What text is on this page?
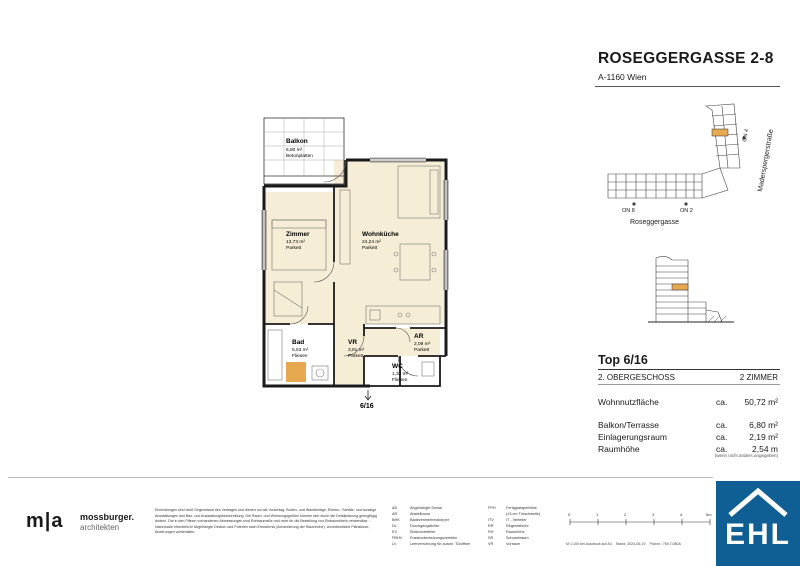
ROSEGGERGASSE 2-8
A-1160 Wien
ON 8	ON 2
ON 4
Roseggergasse
Maderspergerstraße
Top 6/16
2. OBERGESCHOSS	2 ZIMMER
Wohnnutzfläche	ca. 50,72 m²
Balkon/Terrasse	ca.	6,80 m²
Einlagerungsraum	ca.	2,19 m²
Raumhöhe	ca.	2,54 m
(wenn nicht anders angegeben)
Balkon
6,80 m²
Betonplatten
Zimmer
13,73 m²
Parkett
Wohnküche
24,24 m²
Parkett
Bad
5,53 m²
Fliesen
VR
3,81 m²
Parkett
AR
2,09 m²
Parkett
WC
1,32 m²
Fliesen
6/16
m|a mossburger.
architekten
Einrichtungen sind nicht Gegenstand des Vertrages und dienen nur als Vorschlag. Boden- und Wandbeläge, Elektro-, Sanitär- und sonstige Ausstattungen laut Bau- und Ausstattungsbeschreibung. Die Raum- und Wohnungsgrößen können sich durch die Detailplanung geringfügig ändern. Die in den Plänen vorhandenen Abmessungen sind Rohbaumaße und nicht für die Bestellung von Einbaumöbeln verwendbar - Naturmaße erforderlich! Abgehängte Decken und Poterien nach Erfordernis (Abminderung der Raumhöhe). Unverbindliche Planskizze, Änderungen vorbehalten.
AD	Abgehängte Decke
AR	Abstellraum
BHK	Badezimmerheizkörper
DL	Durchgangslichte
EV	Elektroverteiler
FBHV Fussbodenheizungsverteiler
LV	Leerverrohrung für autom. Türöffner
FPH	Fertigparapethöhe
(±3 cm Türschwelle)
ITV	IT - Verteiler
RR	Regenfallrohr
RH	Raumhöhe
SR	Schrankraum
VR	Vorraum
0	1	2	3	4	5m
M 1:100 bei Ausdruck auf A4 Stand: 2024-06-19 Plannr.: 769.T.080A	EHL
